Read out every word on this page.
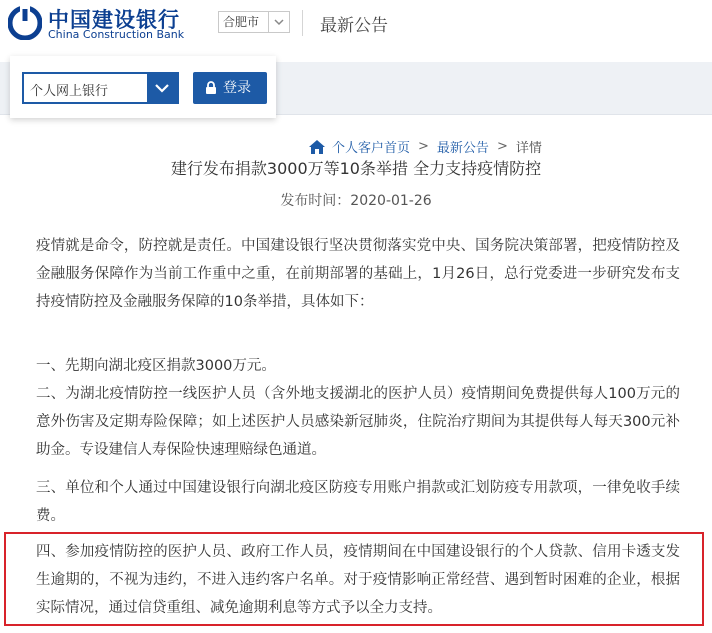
中国建设银行
China Construction Bank
合肥市	最新公告
个人客户首页 > 最新公告 > 详情
个人网上银行	登录
建行发布捐款3000万等10条举措 全力支持疫情防控
发布时间：2020-01-26
疫情就是命令，防控就是责任。中国建设银行坚决贯彻落实党中央、国务院决策部署，把疫情防控及金融服务保障作为当前工作重中之重，在前期部署的基础上，1月26日，总行党委进一步研究发布支持疫情防控及金融服务保障的10条举措，具体如下：
一、先期向湖北疫区捐款3000万元。
二、为湖北疫情防控一线医护人员（含外地支援湖北的医护人员）疫情期间免费提供每人100万元的意外伤害及定期寿险保障；如上述医护人员感染新冠肺炎，住院治疗期间为其提供每人每天300元补助金。专设建信人寿保险快速理赔绿色通道。
三、单位和个人通过中国建设银行向湖北疫区防疫专用账户捐款或汇划防疫专用款项，一律免收手续费。
四、参加疫情防控的医护人员、政府工作人员，疫情期间在中国建设银行的个人贷款、信用卡透支发生逾期的，不视为违约，不进入违约客户名单。对于疫情影响正常经营、遇到暂时困难的企业，根据实际情况，通过信贷重组、减免逾期利息等方式予以全力支持。
